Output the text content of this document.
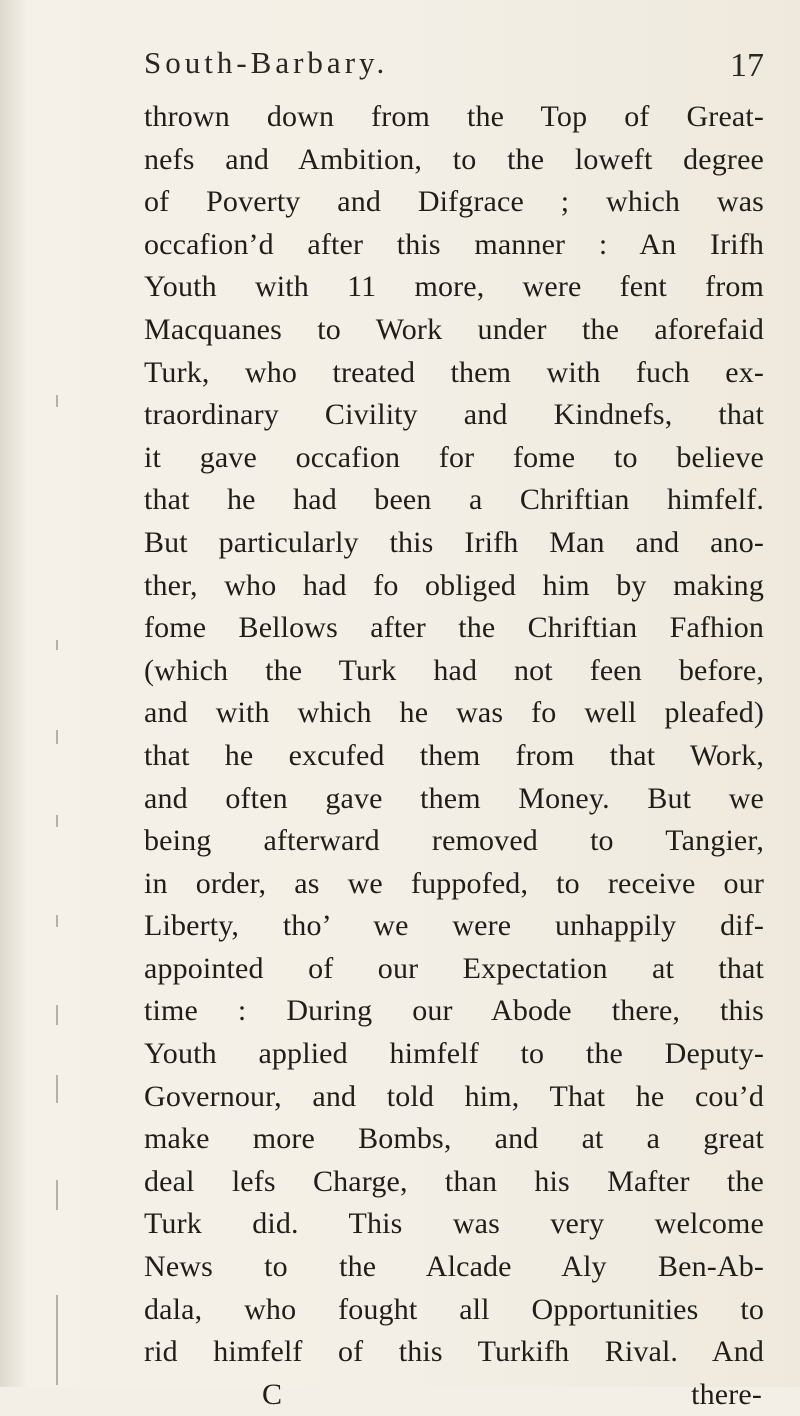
South-Barbary.	17
thrown down from the Top of Great-
nefs and Ambition, to the loweft degree
of Poverty and Difgrace ; which was
occafion’d after this manner : An Irifh
Youth with 11 more, were fent from
Macquanes to Work under the aforefaid
Turk, who treated them with fuch ex-
traordinary Civility and Kindnefs, that
it gave occafion for fome to believe
that he had been a Chriftian himfelf.
But particularly this Irifh Man and ano-
ther, who had fo obliged him by making
fome Bellows after the Chriftian Fafhion
(which the Turk had not feen before,
and with which he was fo well pleafed)
that he excufed them from that Work,
and often gave them Money. But we
being afterward removed to Tangier,
in order, as we fuppofed, to receive our
Liberty, tho’ we were unhappily dif-
appointed of our Expectation at that
time : During our Abode there, this
Youth applied himfelf to the Deputy-
Governour, and told him, That he cou’d
make more Bombs, and at a great
deal lefs Charge, than his Mafter the
Turk did. This was very welcome
News to the Alcade Aly Ben-Ab-
dala, who fought all Opportunities to
rid himfelf of this Turkifh Rival. And
C	there-
